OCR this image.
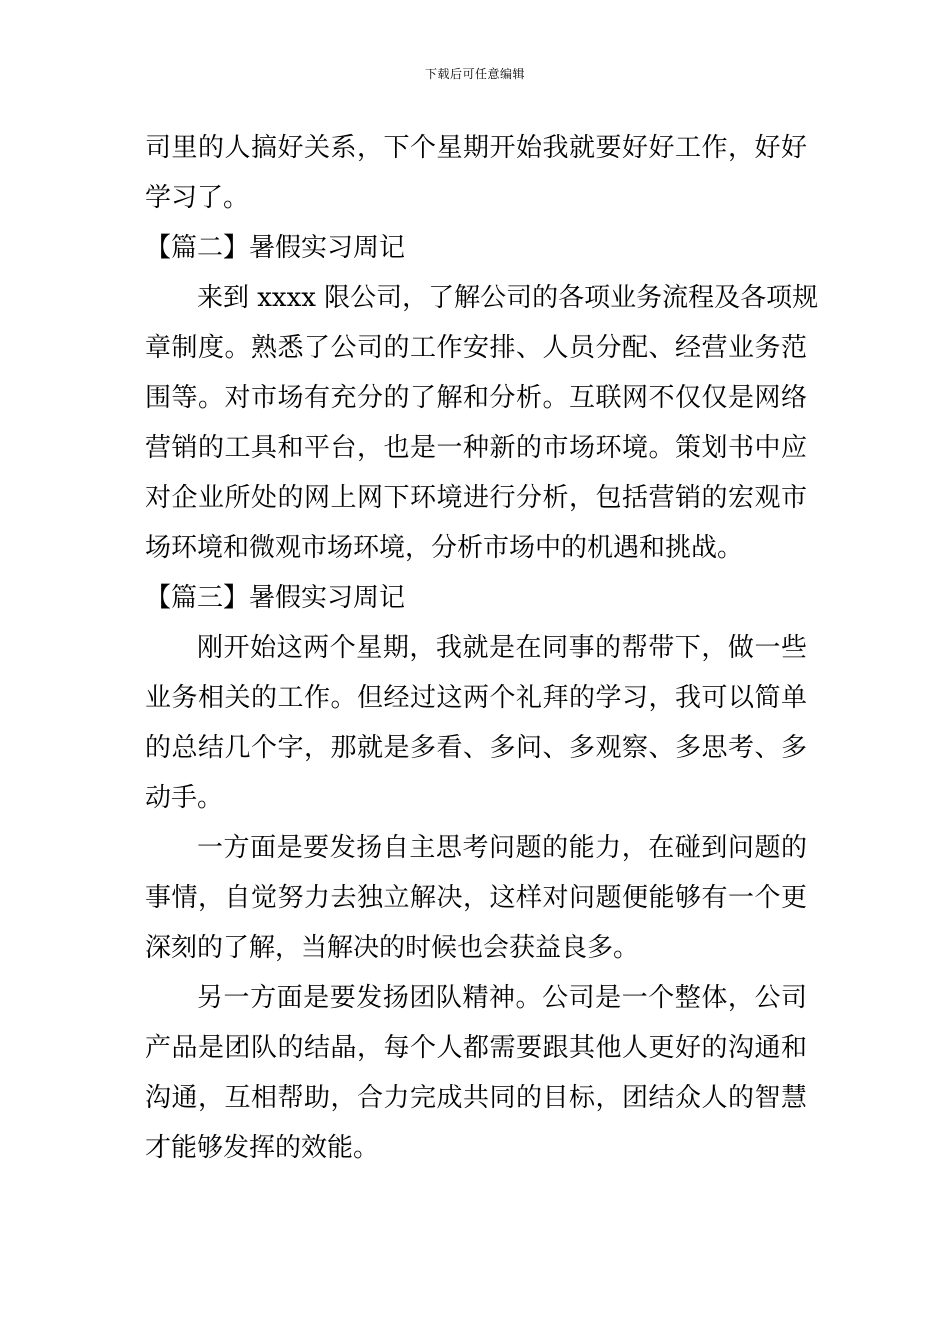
下载后可任意编辑
司里的人搞好关系，下个星期开始我就要好好工作，好好
学习了。
【篇二】暑假实习周记
来到 xxxx 限公司，了解公司的各项业务流程及各项规
章制度。熟悉了公司的工作安排、人员分配、经营业务范
围等。对市场有充分的了解和分析。互联网不仅仅是网络
营销的工具和平台，也是一种新的市场环境。策划书中应
对企业所处的网上网下环境进行分析，包括营销的宏观市
场环境和微观市场环境，分析市场中的机遇和挑战。
【篇三】暑假实习周记
刚开始这两个星期，我就是在同事的帮带下，做一些
业务相关的工作。但经过这两个礼拜的学习，我可以简单
的总结几个字，那就是多看、多问、多观察、多思考、多
动手。
一方面是要发扬自主思考问题的能力，在碰到问题的
事情，自觉努力去独立解决，这样对问题便能够有一个更
深刻的了解，当解决的时候也会获益良多。
另一方面是要发扬团队精神。公司是一个整体，公司
产品是团队的结晶，每个人都需要跟其他人更好的沟通和
沟通，互相帮助，合力完成共同的目标，团结众人的智慧
才能够发挥的效能。
